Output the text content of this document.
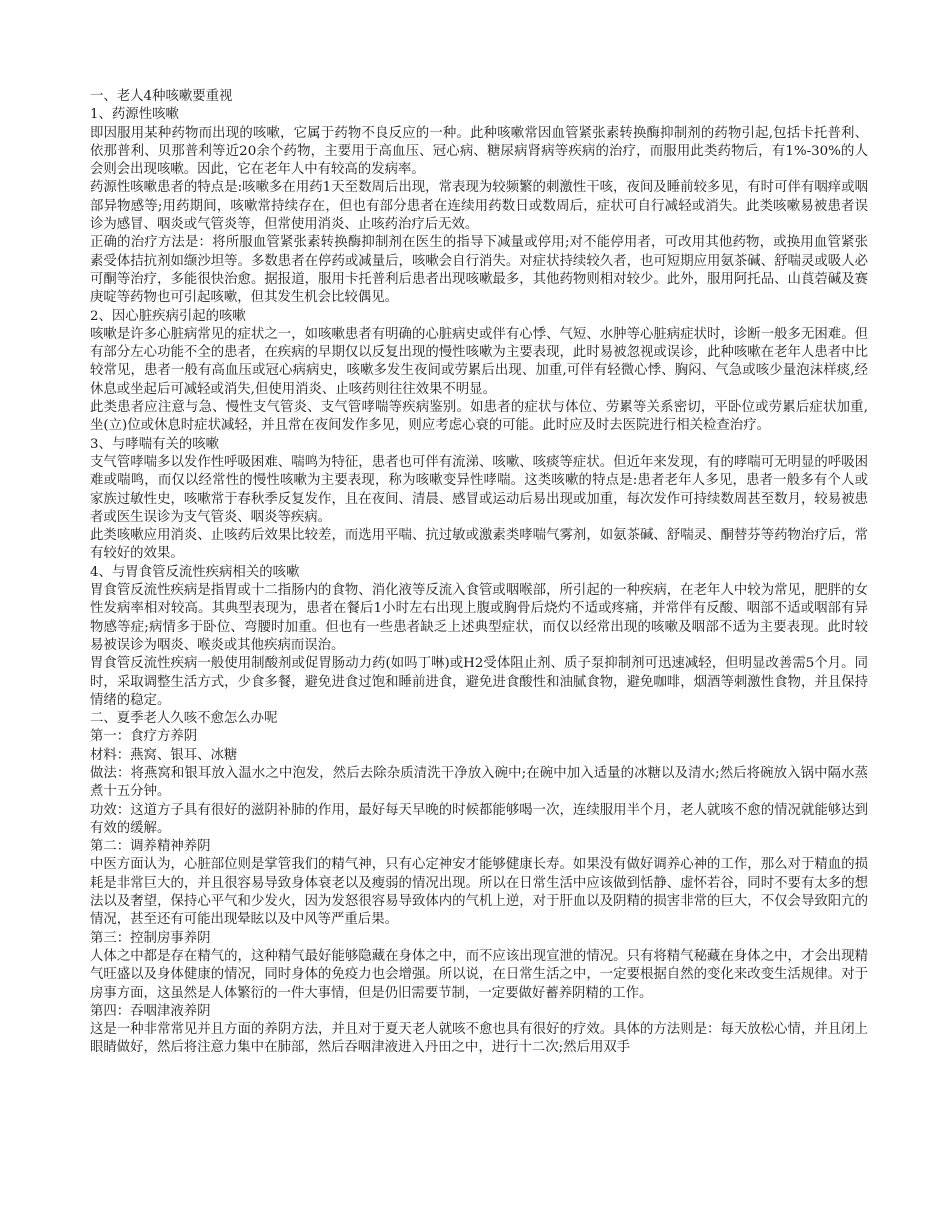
一、老人4种咳嗽要重视

1、药源性咳嗽

即因服用某种药物而出现的咳嗽，它属于药物不良反应的一种。此种咳嗽常因血管紧张素转换酶抑制剂的药物引起,包括卡托普利、依那普利、贝那普利等近20余个药物，主要用于高血压、冠心病、糖尿病肾病等疾病的治疗，而服用此类药物后，有1%-30%的人会则会出现咳嗽。因此，它在老年人中有较高的发病率。

药源性咳嗽患者的特点是:咳嗽多在用药1天至数周后出现，常表现为较频繁的刺激性干咳，夜间及睡前较多见，有时可伴有咽痒或咽部异物感等;用药期间，咳嗽常持续存在，但也有部分患者在连续用药数日或数周后，症状可自行减轻或消失。此类咳嗽易被患者误诊为感冒、咽炎或气管炎等，但常使用消炎、止咳药治疗后无效。

正确的治疗方法是：将所服血管紧张素转换酶抑制剂在医生的指导下减量或停用;对不能停用者，可改用其他药物，或换用血管紧张素受体拮抗剂如缬沙坦等。多数患者在停药或减量后，咳嗽会自行消失。对症状持续较久者，也可短期应用氨茶碱、舒喘灵或吸人必可酮等治疗，多能很快治愈。据报道，服用卡托普利后患者出现咳嗽最多，其他药物则相对较少。此外，服用阿托品、山莨菪碱及赛庚啶等药物也可引起咳嗽，但其发生机会比较偶见。

2、因心脏疾病引起的咳嗽

咳嗽是许多心脏病常见的症状之一，如咳嗽患者有明确的心脏病史或伴有心悸、气短、水肿等心脏病症状时，诊断一般多无困难。但有部分左心功能不全的患者，在疾病的早期仅以反复出现的慢性咳嗽为主要表现，此时易被忽视或误诊，此种咳嗽在老年人患者中比较常见，患者一般有高血压或冠心病病史，咳嗽多发生夜间或劳累后出现、加重,可伴有轻微心悸、胸闷、气急或咳少量泡沫样痰,经休息或坐起后可减轻或消失,但使用消炎、止咳药则往往效果不明显。

此类患者应注意与急、慢性支气管炎、支气管哮喘等疾病鉴别。如患者的症状与体位、劳累等关系密切，平卧位或劳累后症状加重,坐(立)位或休息时症状减轻，并且常在夜间发作多见，则应考虑心衰的可能。此时应及时去医院进行相关检查治疗。

3、与哮喘有关的咳嗽

支气管哮喘多以发作性呼吸困难、喘鸣为特征，患者也可伴有流涕、咳嗽、咳痰等症状。但近年来发现，有的哮喘可无明显的呼吸困难或喘鸣，而仅以经常性的慢性咳嗽为主要表现，称为咳嗽变异性哮喘。这类咳嗽的特点是:患者老年人多见，患者一般多有个人或家族过敏性史，咳嗽常于春秋季反复发作，且在夜间、清晨、感冒或运动后易出现或加重，每次发作可持续数周甚至数月，较易被患者或医生误诊为支气管炎、咽炎等疾病。

此类咳嗽应用消炎、止咳药后效果比较差，而选用平喘、抗过敏或激素类哮喘气雾剂，如氨茶碱、舒喘灵、酮替芬等药物治疗后，常有较好的效果。

4、与胃食管反流性疾病相关的咳嗽

胃食管反流性疾病是指胃或十二指肠内的食物、消化液等反流入食管或咽喉部，所引起的一种疾病，在老年人中较为常见，肥胖的女性发病率相对较高。其典型表现为，患者在餐后1小时左右出现上腹或胸骨后烧灼不适或疼痛，并常伴有反酸、咽部不适或咽部有异物感等症;病情多于卧位、弯腰时加重。但也有一些患者缺乏上述典型症状，而仅以经常出现的咳嗽及咽部不适为主要表现。此时较易被误诊为咽炎、喉炎或其他疾病而误治。

胃食管反流性疾病一般使用制酸剂或促胃肠动力药(如吗丁啉)或H2受体阻止剂、质子泵抑制剂可迅速减轻，但明显改善需5个月。同时，采取调整生活方式，少食多餐，避免进食过饱和睡前进食，避免进食酸性和油腻食物，避免咖啡，烟酒等刺激性食物，并且保持情绪的稳定。

二、夏季老人久咳不愈怎么办呢

第一：食疗方养阴

材料：燕窝、银耳、冰糖

做法：将燕窝和银耳放入温水之中泡发，然后去除杂质清洗干净放入碗中;在碗中加入适量的冰糖以及清水;然后将碗放入锅中隔水蒸煮十五分钟。

功效：这道方子具有很好的滋阴补肺的作用，最好每天早晚的时候都能够喝一次，连续服用半个月，老人就咳不愈的情况就能够达到有效的缓解。

第二：调养精神养阴

中医方面认为，心脏部位则是掌管我们的精气神，只有心定神安才能够健康长寿。如果没有做好调养心神的工作，那么对于精血的损耗是非常巨大的，并且很容易导致身体衰老以及瘦弱的情况出现。所以在日常生活中应该做到恬静、虚怀若谷，同时不要有太多的想法以及奢望，保持心平气和少发火，因为发怒很容易导致体内的气机上逆，对于肝血以及阴精的损害非常的巨大，不仅会导致阳亢的情况，甚至还有可能出现晕眩以及中风等严重后果。

第三：控制房事养阴

人体之中都是存在精气的，这种精气最好能够隐藏在身体之中，而不应该出现宣泄的情况。只有将精气秘藏在身体之中，才会出现精气旺盛以及身体健康的情况，同时身体的免疫力也会增强。所以说，在日常生活之中，一定要根据自然的变化来改变生活规律。对于房事方面，这虽然是人体繁衍的一件大事情，但是仍旧需要节制，一定要做好蓄养阴精的工作。

第四：吞咽津液养阴

这是一种非常常见并且方面的养阴方法，并且对于夏天老人就咳不愈也具有很好的疗效。具体的方法则是：每天放松心情，并且闭上眼睛做好，然后将注意力集中在肺部，然后吞咽津液进入丹田之中，进行十二次;然后用双手
